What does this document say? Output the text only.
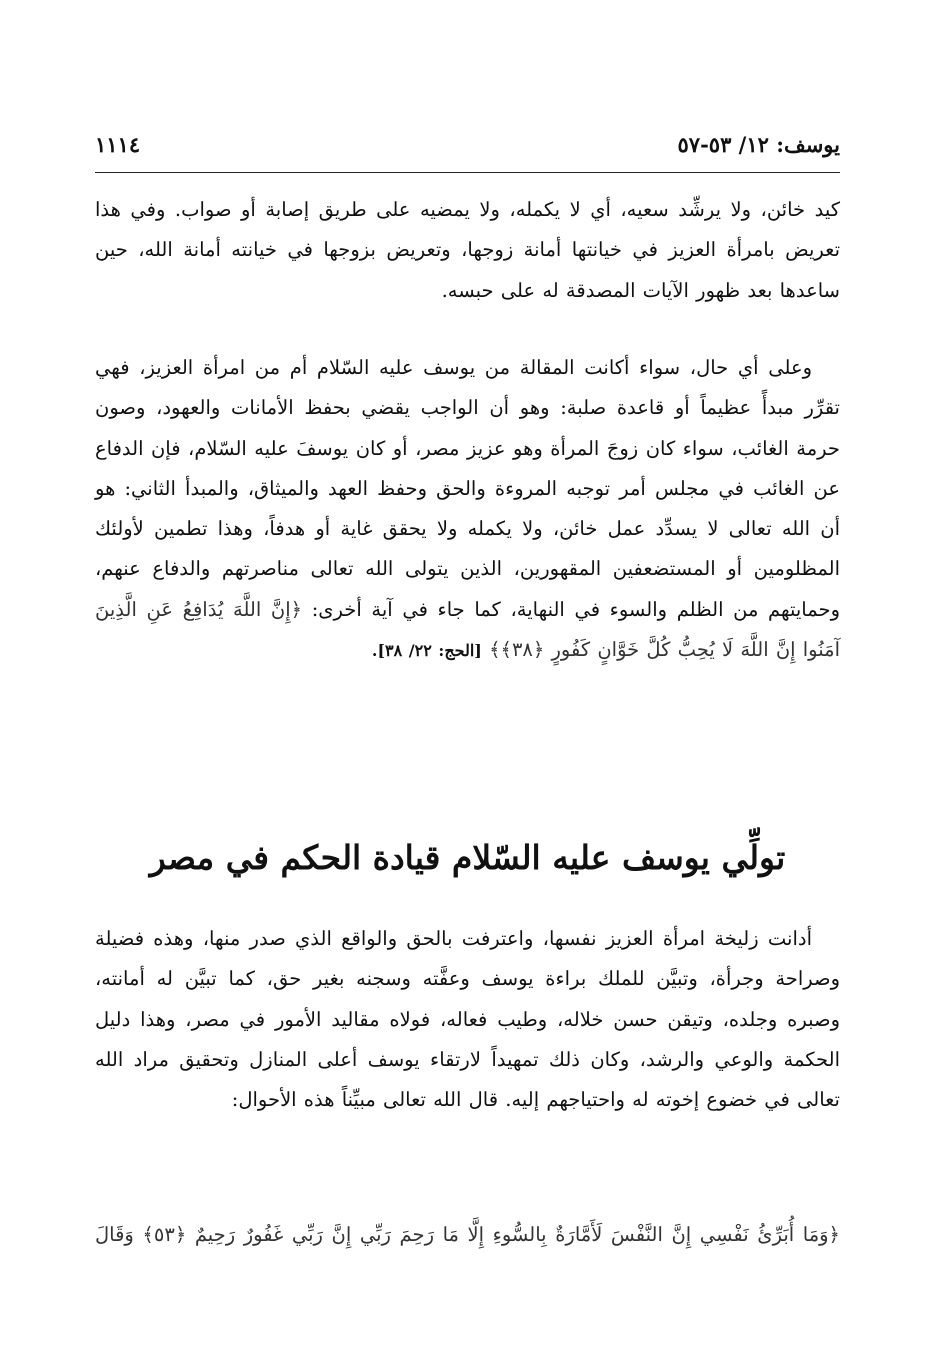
يوسف: ١٢/ ٥٣-٥٧
١١١٤

كيد خائن، ولا يرشِّد سعيه، أي لا يكمله، ولا يمضيه على طريق إصابة أو صواب. وفي هذا تعريض بامرأة العزيز في خيانتها أمانة زوجها، وتعريض بزوجها في خيانته أمانة الله، حين ساعدها بعد ظهور الآيات المصدقة له على حبسه.

وعلى أي حال، سواء أكانت المقالة من يوسف عليه السّلام أم من امرأة العزيز، فهي تقرِّر مبدأً عظيماً أو قاعدة صلبة: وهو أن الواجب يقضي بحفظ الأمانات والعهود، وصون حرمة الغائب، سواء كان زوجَ المرأة وهو عزيز مصر، أو كان يوسفَ عليه السّلام، فإن الدفاع عن الغائب في مجلس أمر توجبه المروءة والحق وحفظ العهد والميثاق، والمبدأ الثاني: هو أن الله تعالى لا يسدِّد عمل خائن، ولا يكمله ولا يحقق غاية أو هدفاً، وهذا تطمين لأولئك المظلومين أو المستضعفين المقهورين، الذين يتولى الله تعالى مناصرتهم والدفاع عنهم، وحمايتهم من الظلم والسوء في النهاية، كما جاء في آية أخرى: ﴿إِنَّ اللَّهَ يُدَافِعُ عَنِ الَّذِينَ آمَنُوا إِنَّ اللَّهَ لَا يُحِبُّ كُلَّ خَوَّانٍ كَفُورٍ ﴿٣٨﴾﴾ [الحج: ٢٢/ ٣٨].

تولِّي يوسف عليه السّلام قيادة الحكم في مصر

أدانت زليخة امرأة العزيز نفسها، واعترفت بالحق والواقع الذي صدر منها، وهذه فضيلة وصراحة وجرأة، وتبيَّن للملك براءة يوسف وعفَّته وسجنه بغير حق، كما تبيَّن له أمانته، وصبره وجلده، وتيقن حسن خلاله، وطيب فعاله، فولاه مقاليد الأمور في مصر، وهذا دليل الحكمة والوعي والرشد، وكان ذلك تمهيداً لارتقاء يوسف أعلى المنازل وتحقيق مراد الله تعالى في خضوع إخوته له واحتياجهم إليه. قال الله تعالى مبيِّناً هذه الأحوال:

﴿وَمَا أُبَرِّئُ نَفْسِي إِنَّ النَّفْسَ لَأَمَّارَةٌ بِالسُّوءِ إِلَّا مَا رَحِمَ رَبِّي إِنَّ رَبِّي غَفُورٌ رَحِيمٌ ﴿٥٣﴾ وَقَالَ
